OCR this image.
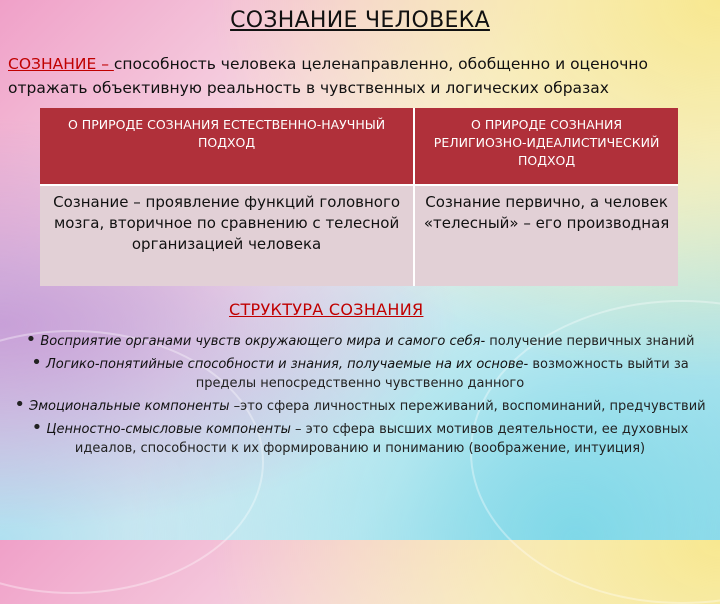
СОЗНАНИЕ ЧЕЛОВЕКА
СОЗНАНИЕ – способность человека целенаправленно, обобщенно и оценочно отражать объективную реальность в чувственных и логических образах
О ПРИРОДЕ СОЗНАНИЯ ЕСТЕСТВЕННО-НАУЧНЫЙ ПОДХОД	О ПРИРОДЕ СОЗНАНИЯ РЕЛИГИОЗНО-ИДЕАЛИСТИЧЕСКИЙ ПОДХОД
Сознание – проявление функций головного мозга, вторичное по сравнению с телесной организацией человека	Сознание первично, а человек «телесный» – его производная
СТРУКТУРА СОЗНАНИЯ
• Восприятие органами чувств окружающего мира и самого себя- получение первичных знаний
• Логико-понятийные способности и знания, получаемые на их основе- возможность выйти за пределы непосредственно чувственно данного
• Эмоциональные компоненты –это сфера личностных переживаний, воспоминаний, предчувствий
• Ценностно-смысловые компоненты – это сфера высших мотивов деятельности, ее духовных идеалов, способности к их формированию и пониманию (воображение, интуиция)
